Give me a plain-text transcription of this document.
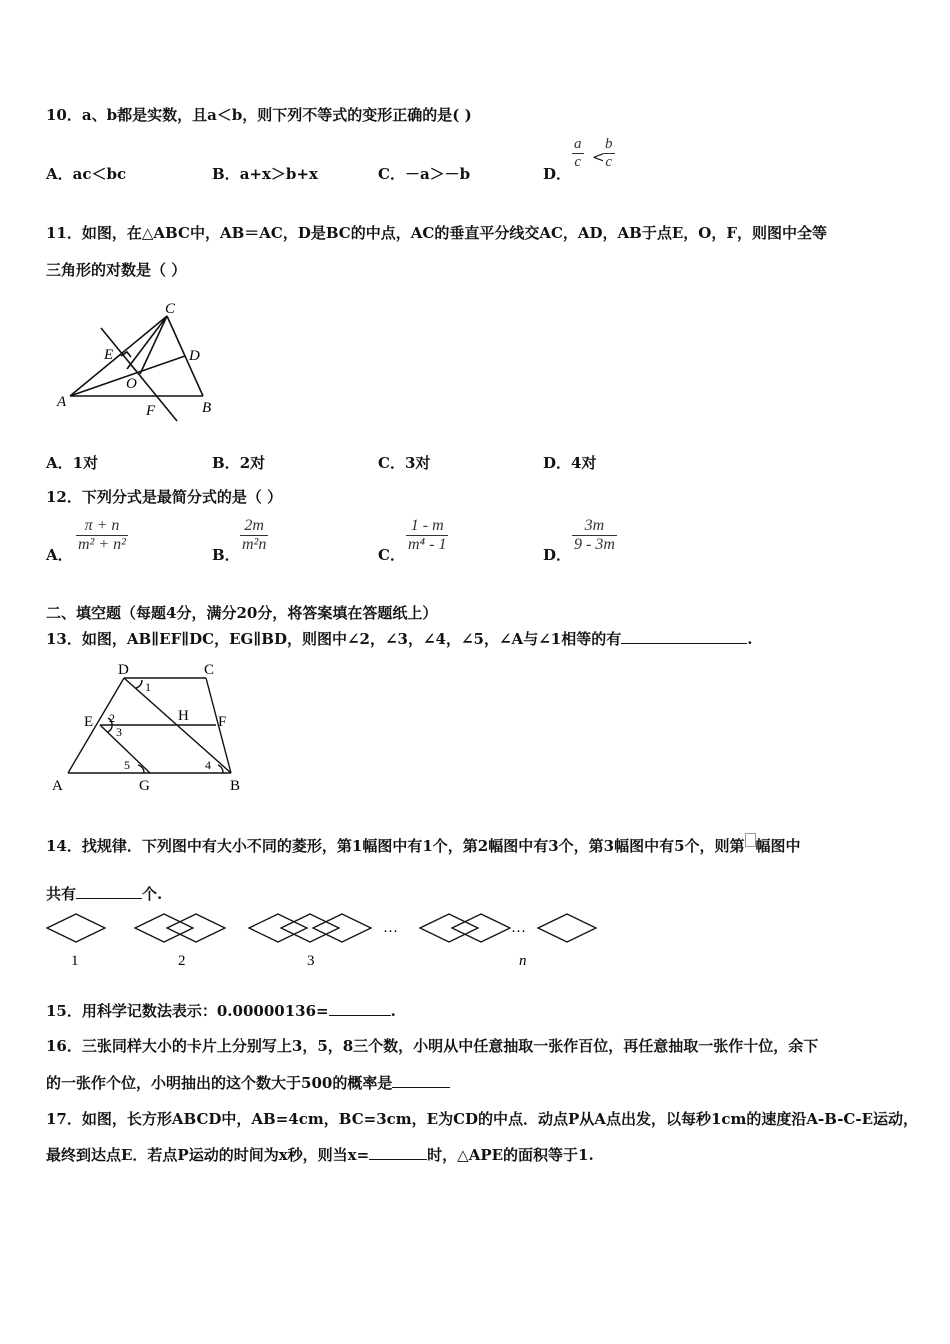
10．a、b都是实数，且a＜b，则下列不等式的变形正确的是( )
A．ac＜bc	B．a+x＞b+x	C．－a＞－b	D．
$\frac{a}{c}$ <
$\frac{b}{c}$
11．如图，在△ABC中，AB＝AC，D是BC的中点，AC的垂直平分线交AC，AD，AB于点E，O，F，则图中全等
三角形的对数是（ ）
A	B
C
D
E
O
F
A．1对	B．2对	C．3对	D．4对
12．下列分式是最简分式的是（ ）
A．
$\frac{\pi + n}{\text{m² + n²}}$
B．
$\frac{2m}{\text{m²n}}$
C．
$\frac{1 - m}{\text{m⁴ - 1}}$
D．
$\frac{3m}{9 - 3m}$
二、填空题（每题4分，满分20分，将答案填在答题纸上）
13．如图，AB∥EF∥DC，EG∥BD，则图中∠2，∠3，∠4，∠5，∠A与∠1相等的有	.
D	C
E	H F
A	G	B
1
2
3
4
5
14．找规律．下列图中有大小不同的菱形，第1幅图中有1个，第2幅图中有3个，第3幅图中有5个，则第 幅图中
共有	个.
…	…
1	2	3	n
15．用科学记数法表示：0.00000136=	.
16．三张同样大小的卡片上分别写上3，5，8三个数，小明从中任意抽取一张作百位，再任意抽取一张作十位，余下
的一张作个位，小明抽出的这个数大于500的概率是
17．如图，长方形ABCD中，AB=4cm，BC=3cm，E为CD的中点．动点P从A点出发，以每秒1cm的速度沿A-B-C-E运动，
最终到达点E．若点P运动的时间为x秒，则当x=	时，△APE的面积等于1.
